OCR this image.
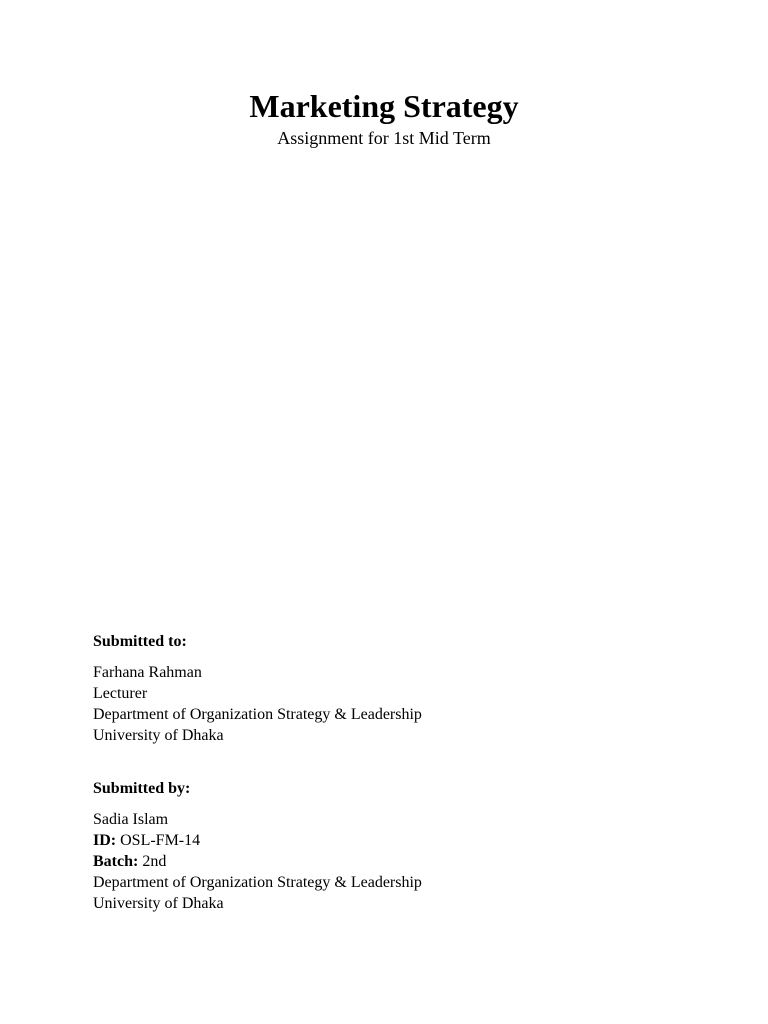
Marketing Strategy
Assignment for 1st Mid Term
Submitted to:
Farhana Rahman
Lecturer
Department of Organization Strategy & Leadership
University of Dhaka
Submitted by:
Sadia Islam
ID: OSL-FM-14
Batch: 2nd
Department of Organization Strategy & Leadership
University of Dhaka
